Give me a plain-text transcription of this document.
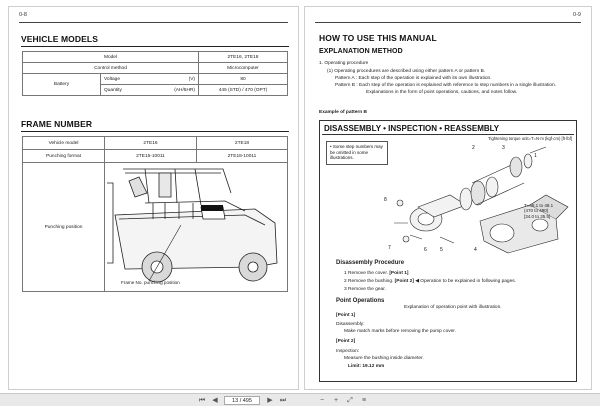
0-8
VEHICLE MODELS
Model			2TE16, 2TE18
Control method			Microcomputer
Battery	Voltage	(V)	80
	Quantity	(AH/5HR)	445 (STD) / 470 (OPT)
FRAME NUMBER
Vehicle model	2TE16	2TE18
Punching format	2TE15-10011	2TE18-10011
Punching position	Frame No. punching position	
0-9
HOW TO USE THIS MANUAL
EXPLANATION METHOD
1. Operating procedure
(1) Operating procedures are described using either pattern A or pattern B.
Pattern A : Each step of the operation is explained with its own illustration.
Pattern B : Each step of the operation is explained with reference to step numbers in a single illustration.
Explanations in the form of point operations, cautions, and notes follow.
Example of pattern B
DISASSEMBLY • INSPECTION • REASSEMBLY
Tightening torque unit=T=N·m (kgf·cm) [ft·lbf]
• Some step numbers may be omitted in some illustrations.
2	3
1
8
7	6	5	4
T=46.1 to 48.1
(470 to 490)
[34.0 to 35.5]
Disassembly Procedure
1 Remove the cover. [Point 1]
2 Remove the bushing. [Point 2] ◀ Operation to be explained in following pages.
3 Remove the gear.
Point Operations
Explanation of operation point with illustration.
[Point 1]
Disassembly:
Make match marks before removing the pump cover.
[Point 2]
Inspection:
Measure the bushing inside diameter.
Limit: 19.12 mm
⏮ ◀	13 / 495	▶ ⏭	− + ⤢ ≡
